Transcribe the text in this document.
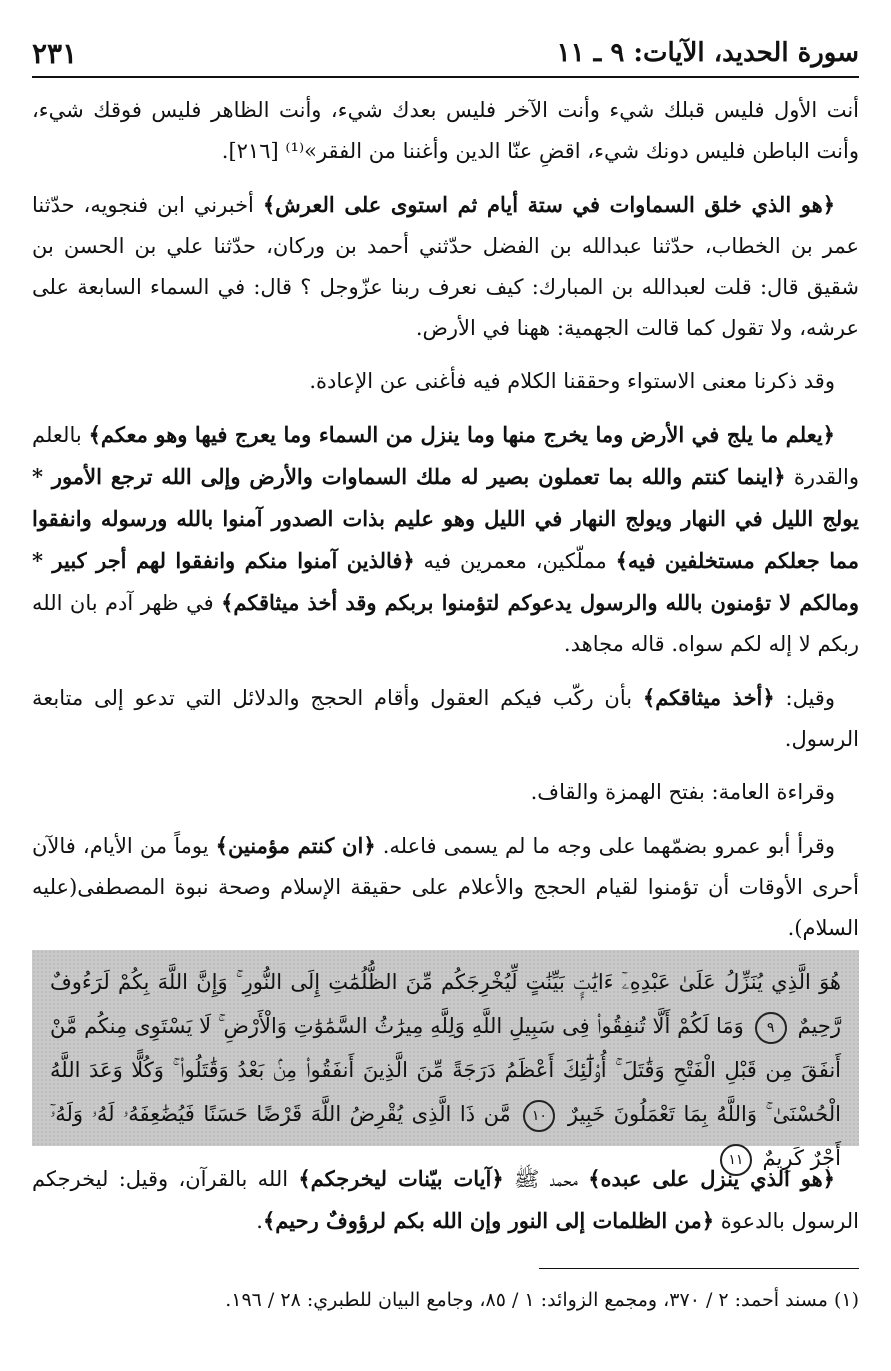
٢٣١	سورة الحديد، الآيات: ٩ ـ ١١

أنت الأول فليس قبلك شيء وأنت الآخر فليس بعدك شيء، وأنت الظاهر فليس فوقك شيء، وأنت الباطن فليس دونك شيء، اقضِ عنّا الدين وأغننا من الفقر»⁽¹⁾ [٢١٦].

﴿هو الذي خلق السماوات في ستة أيام ثم استوى على العرش﴾ أخبرني ابن فنجويه، حدّثنا عمر بن الخطاب، حدّثنا عبدالله بن الفضل حدّثني أحمد بن وركان، حدّثنا علي بن الحسن بن شقيق قال: قلت لعبدالله بن المبارك: كيف نعرف ربنا عزّوجل ؟ قال: في السماء السابعة على عرشه، ولا تقول كما قالت الجهمية: ههنا في الأرض.

وقد ذكرنا معنى الاستواء وحققنا الكلام فيه فأغنى عن الإعادة.

﴿يعلم ما يلج في الأرض وما يخرج منها وما ينزل من السماء وما يعرج فيها وهو معكم﴾ بالعلم والقدرة ﴿اينما كنتم والله بما تعملون بصير له ملك السماوات والأرض وإلى الله ترجع الأمور * يولج الليل في النهار ويولج النهار في الليل وهو عليم بذات الصدور آمنوا بالله ورسوله وانفقوا مما جعلكم مستخلفين فيه﴾ مملّكين، معمرين فيه ﴿فالذين آمنوا منكم وانفقوا لهم أجر كبير * ومالكم لا تؤمنون بالله والرسول يدعوكم لتؤمنوا بربكم وقد أخذ ميثاقكم﴾ في ظهر آدم بان الله ربكم لا إله لكم سواه. قاله مجاهد.

وقيل: ﴿أخذ ميثاقكم﴾ بأن ركّب فيكم العقول وأقام الحجج والدلائل التي تدعو إلى متابعة الرسول.

وقراءة العامة: بفتح الهمزة والقاف.

وقرأ أبو عمرو بضمّهما على وجه ما لم يسمى فاعله. ﴿ان كنتم مؤمنين﴾ يوماً من الأيام، فالآن أحرى الأوقات أن تؤمنوا لقيام الحجج والأعلام على حقيقة الإسلام وصحة نبوة المصطفى(عليه السلام).

هُوَ الَّذِي يُنَزِّلُ عَلَىٰ عَبْدِهِۦٓ ءَايَٰتٍۭ بَيِّنَٰتٍ لِّيُخْرِجَكُم مِّنَ الظُّلُمَٰتِ إِلَى النُّورِ ۚ وَإِنَّ اللَّهَ بِكُمْ لَرَءُوفٌ رَّحِيمٌ ٩ وَمَا لَكُمْ أَلَّا تُنفِقُوا۟ فِى سَبِيلِ اللَّهِ وَلِلَّهِ مِيرَٰثُ السَّمَٰوَٰتِ وَالْأَرْضِ ۚ لَا يَسْتَوِى مِنكُم مَّنْ أَنفَقَ مِن قَبْلِ الْفَتْحِ وَقَٰتَلَ ۚ أُو۟لَٰٓئِكَ أَعْظَمُ دَرَجَةً مِّنَ الَّذِينَ أَنفَقُوا۟ مِنۢ بَعْدُ وَقَٰتَلُوا۟ ۚ وَكُلًّا وَعَدَ اللَّهُ الْحُسْنَىٰ ۚ وَاللَّهُ بِمَا تَعْمَلُونَ خَبِيرٌ ١٠ مَّن ذَا الَّذِى يُقْرِضُ اللَّهَ قَرْضًا حَسَنًا فَيُضَٰعِفَهُۥ لَهُۥ وَلَهُۥٓ أَجْرٌ كَرِيمٌ ١١
﴿هو الذي ينزل على عبده﴾ محمد ﷺ ﴿آيات بيّنات ليخرجكم﴾ الله بالقرآن، وقيل: ليخرجكم الرسول بالدعوة ﴿من الظلمات إلى النور وإن الله بكم لرؤوفٌ رحيم﴾.
(١) مسند أحمد: ٢ / ٣٧٠، ومجمع الزوائد: ١ / ٨٥، وجامع البيان للطبري: ٢٨ / ١٩٦.
